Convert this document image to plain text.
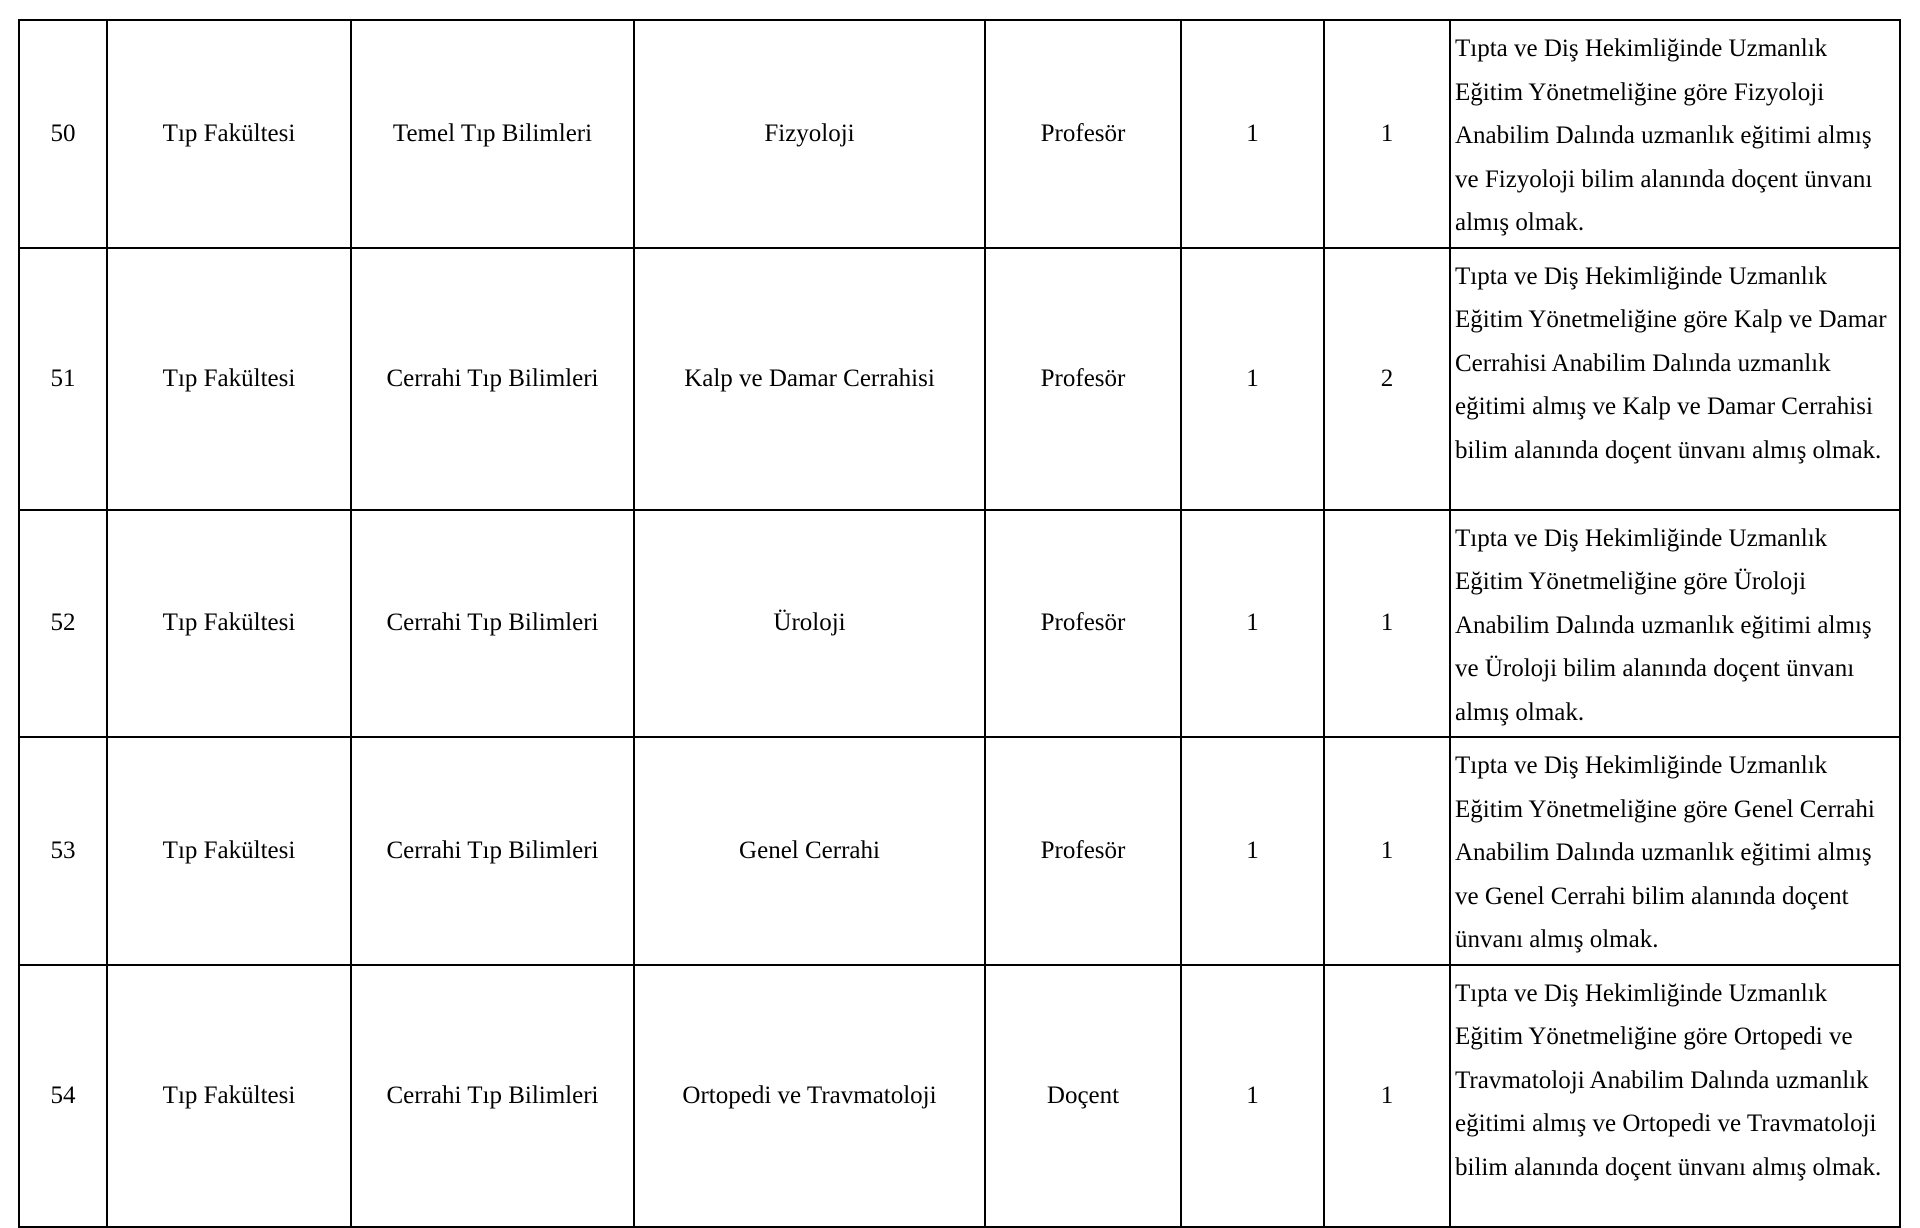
50	Tıp Fakültesi	Temel Tıp Bilimleri	Fizyoloji	Profesör	1	1	Tıpta ve Diş Hekimliğinde Uzmanlık Eğitim Yönetmeliğine göre Fizyoloji Anabilim Dalında uzmanlık eğitimi almış ve Fizyoloji bilim alanında doçent ünvanı almış olmak.
51	Tıp Fakültesi	Cerrahi Tıp Bilimleri	Kalp ve Damar Cerrahisi	Profesör	1	2	Tıpta ve Diş Hekimliğinde Uzmanlık Eğitim Yönetmeliğine göre Kalp ve Damar Cerrahisi Anabilim Dalında uzmanlık eğitimi almış ve Kalp ve Damar Cerrahisi bilim alanında doçent ünvanı almış olmak.
52	Tıp Fakültesi	Cerrahi Tıp Bilimleri	Üroloji	Profesör	1	1	Tıpta ve Diş Hekimliğinde Uzmanlık Eğitim Yönetmeliğine göre Üroloji Anabilim Dalında uzmanlık eğitimi almış ve Üroloji bilim alanında doçent ünvanı almış olmak.
53	Tıp Fakültesi	Cerrahi Tıp Bilimleri	Genel Cerrahi	Profesör	1	1	Tıpta ve Diş Hekimliğinde Uzmanlık Eğitim Yönetmeliğine göre Genel Cerrahi Anabilim Dalında uzmanlık eğitimi almış ve Genel Cerrahi bilim alanında doçent ünvanı almış olmak.
54	Tıp Fakültesi	Cerrahi Tıp Bilimleri	Ortopedi ve Travmatoloji	Doçent	1	1	Tıpta ve Diş Hekimliğinde Uzmanlık Eğitim Yönetmeliğine göre Ortopedi ve Travmatoloji Anabilim Dalında uzmanlık eğitimi almış ve Ortopedi ve Travmatoloji bilim alanında doçent ünvanı almış olmak.
